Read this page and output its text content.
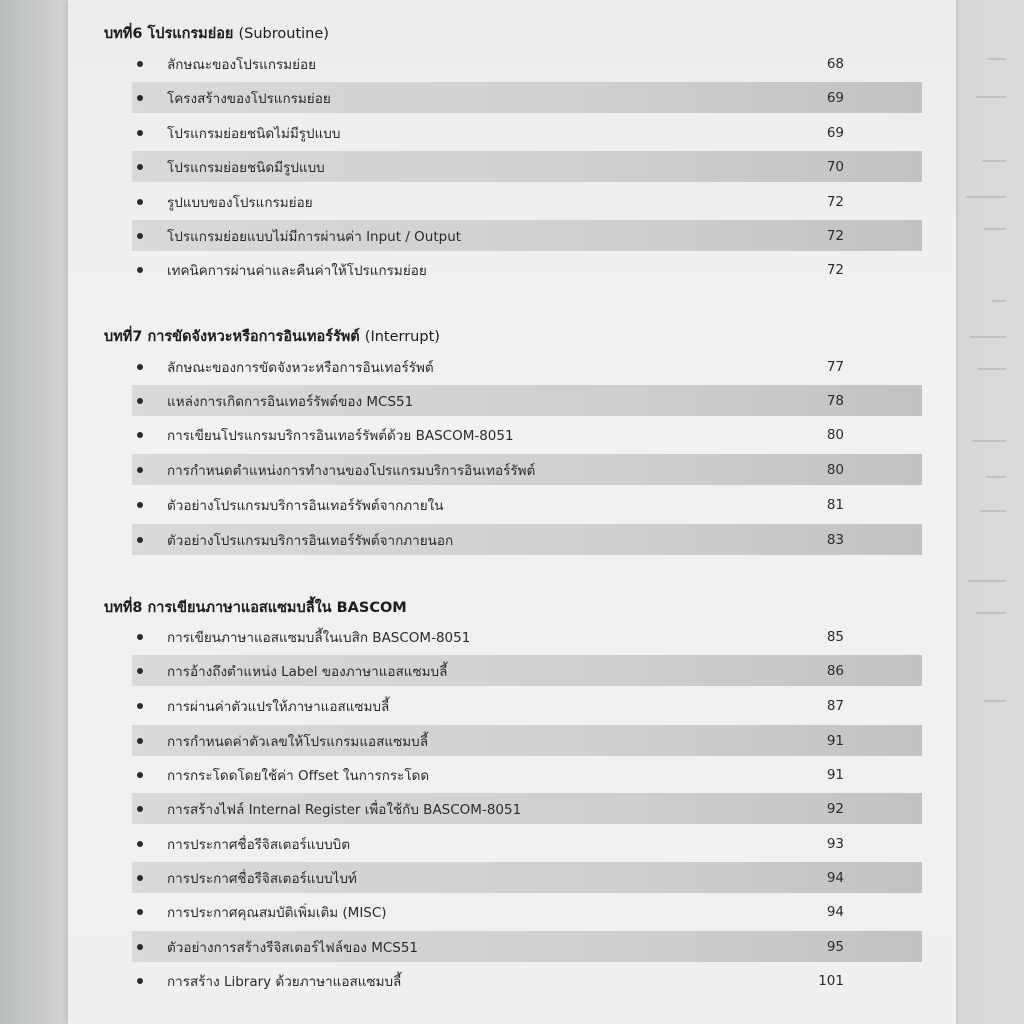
บทที่6 โปรแกรมย่อย (Subroutine)
ลักษณะของโปรแกรมย่อย	68
โครงสร้างของโปรแกรมย่อย	69
โปรแกรมย่อยชนิดไม่มีรูปแบบ	69
โปรแกรมย่อยชนิดมีรูปแบบ	70
รูปแบบของโปรแกรมย่อย	72
โปรแกรมย่อยแบบไม่มีการผ่านค่า Input / Output	72
เทคนิคการผ่านค่าและคืนค่าให้โปรแกรมย่อย	72
บทที่7 การขัดจังหวะหรือการอินเทอร์รัพต์ (Interrupt)
ลักษณะของการขัดจังหวะหรือการอินเทอร์รัพต์	77
แหล่งการเกิดการอินเทอร์รัพต์ของ MCS51	78
การเขียนโปรแกรมบริการอินเทอร์รัพต์ด้วย BASCOM-8051	80
การกำหนดตำแหน่งการทำงานของโปรแกรมบริการอินเทอร์รัพต์	80
ตัวอย่างโปรแกรมบริการอินเทอร์รัพต์จากภายใน	81
ตัวอย่างโปรแกรมบริการอินเทอร์รัพต์จากภายนอก	83
บทที่8 การเขียนภาษาแอสแซมบลี้ใน BASCOM
การเขียนภาษาแอสแซมบลี้ในเบสิก BASCOM-8051	85
การอ้างถึงตำแหน่ง Label ของภาษาแอสแซมบลี้	86
การผ่านค่าตัวแปรให้ภาษาแอสแซมบลี้	87
การกำหนดค่าตัวเลขให้โปรแกรมแอสแซมบลี้	91
การกระโดดโดยใช้ค่า Offset ในการกระโดด	91
การสร้างไฟล์ Internal Register เพื่อใช้กับ BASCOM-8051	92
การประกาศชื่อรีจิสเตอร์แบบบิต	93
การประกาศชื่อรีจิสเตอร์แบบไบท์	94
การประกาศคุณสมบัติเพิ่มเติม (MISC)	94
ตัวอย่างการสร้างรีจิสเตอร์ไฟล์ของ MCS51	95
การสร้าง Library ด้วยภาษาแอสแซมบลี้	101
